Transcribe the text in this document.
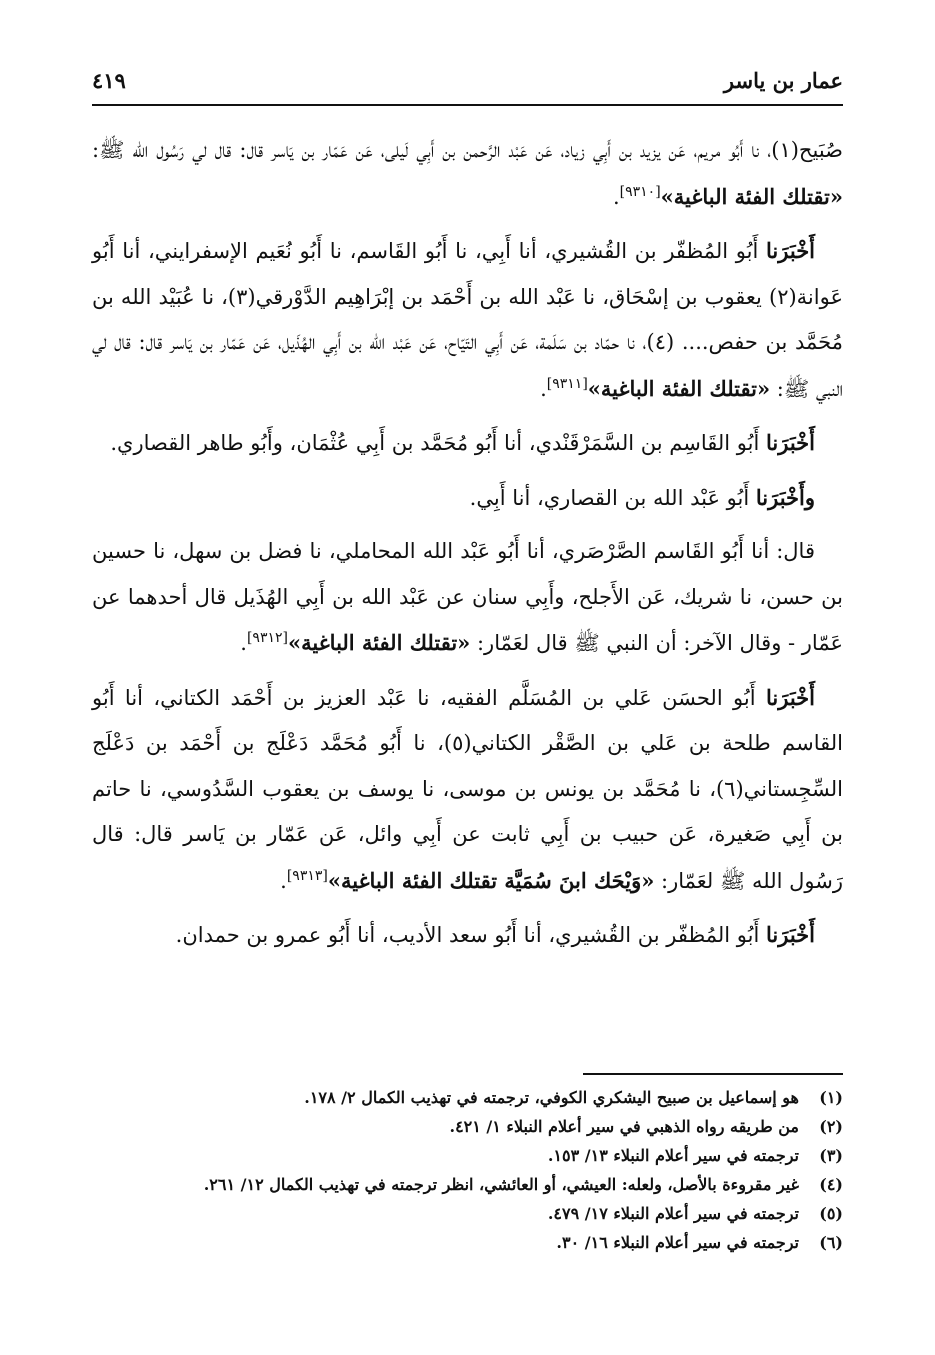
عمار بن ياسر
٤١٩

صُبَيح(١)، نا أَبُو مريم، عَن يزيد بن أَبِي زياد، عَن عَبْد الرَّحمن بن أَبِي لَيلى، عَن عَمّار بن يَاسر قال: قال لي رَسُول الله ﷺ: «تقتلك الفئة الباغية»[٩٣١٠].

أَخْبَرَنا أَبُو المُظفّر بن القُشيري، أنا أَبِي، نا أَبُو القَاسم، نا أَبُو نُعَيم الإسفرايني، أنا أَبُو عَوانة(٢) يعقوب بن إسْحَاق، نا عَبْد الله بن أَحْمَد بن إبْرَاهِيم الدَّوْرقي(٣)، نا عُبَيْد الله بن مُحَمَّد بن حفص.... (٤)، نا حمّاد بن سَلَمة، عَن أَبِي التَيّاح، عَن عَبْد الله بن أَبِي الهُذَيل، عَن عَمّار بن يَاسر قال: قال لي النبي ﷺ: «تقتلك الفئة الباغية»[٩٣١١].

أَخْبَرَنا أَبُو القَاسِم بن السَّمَرْقَنْدي، أنا أَبُو مُحَمَّد بن أَبِي عُثْمَان، وأَبُو طاهر القصاري.

وأَخْبَرَنا أَبُو عَبْد الله بن القصاري، أنا أَبِي.

قال: أنا أَبُو القَاسم الصَّرْصَري، أنا أَبُو عَبْد الله المحاملي، نا فضل بن سهل، نا حسين بن حسن، نا شريك، عَن الأَجلح، وأَبِي سنان عن عَبْد الله بن أَبِي الهُذَيل قال أحدهما عن عَمّار - وقال الآخر: أن النبي ﷺ قال لعَمّار: «تقتلك الفئة الباغية»[٩٣١٢].

أَخْبَرَنا أَبُو الحسَن عَلي بن المُسَلَّم الفقيه، نا عَبْد العزيز بن أَحْمَد الكتاني، أنا أَبُو القاسم طلحة بن عَلي بن الصَّقْر الكتاني(٥)، نا أَبُو مُحَمَّد دَعْلَج بن أَحْمَد بن دَعْلَج السِّجِستاني(٦)، نا مُحَمَّد بن يونس بن موسى، نا يوسف بن يعقوب السَّدُوسي، نا حاتم بن أَبِي صَغيرة، عَن حبيب بن أَبِي ثابت عن أَبِي وائل، عَن عَمّار بن يَاسر قال: قال رَسُول الله ﷺ لعَمّار: «وَيْحَك ابنَ سُمَيَّة تقتلك الفئة الباغية»[٩٣١٣].

أَخْبَرَنا أَبُو المُظفّر بن القُشيري، أنا أَبُو سعد الأديب، أنا أَبُو عمرو بن حمدان.

(١)
هو إسماعيل بن صبيح اليشكري الكوفي، ترجمته في تهذيب الكمال ٢/ ١٧٨.

(٢)
من طريقه رواه الذهبي في سير أعلام النبلاء ١/ ٤٢١.

(٣)
ترجمته في سير أعلام النبلاء ١٣/ ١٥٣.

(٤)
غير مقروءة بالأصل، ولعله: العيشي، أو العائشي، انظر ترجمته في تهذيب الكمال ١٢/ ٢٦١.

(٥)
ترجمته في سير أعلام النبلاء ١٧/ ٤٧٩.

(٦)
ترجمته في سير أعلام النبلاء ١٦/ ٣٠.
